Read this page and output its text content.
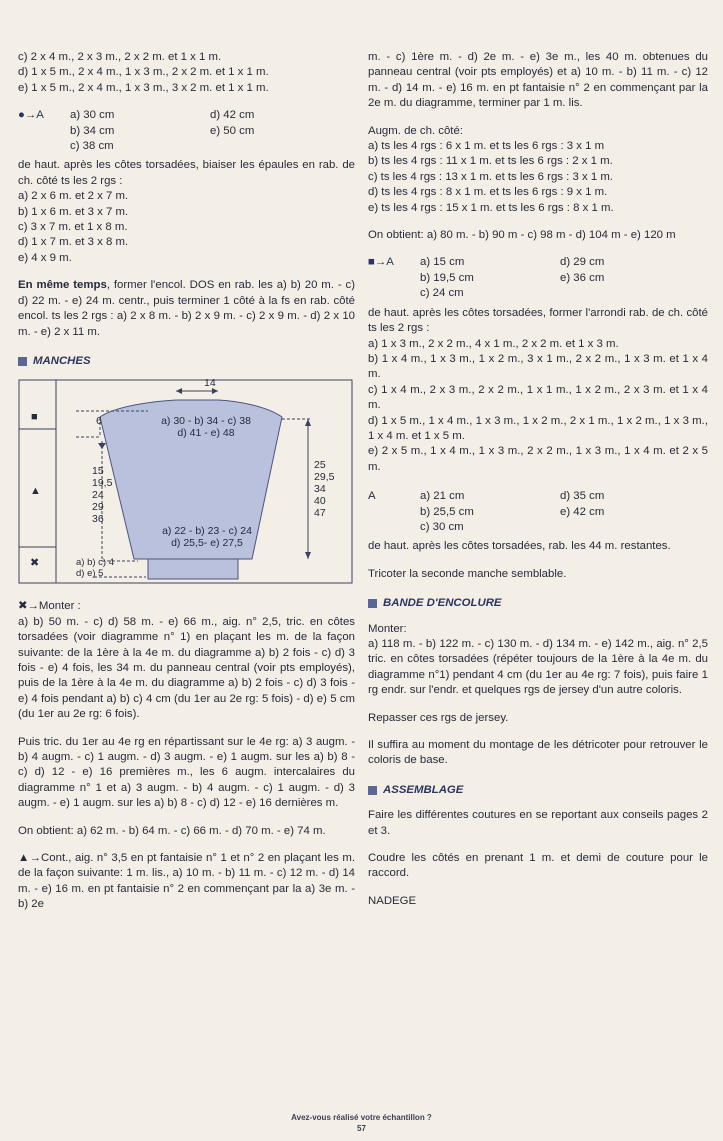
c) 2 x 4 m., 2 x 3 m., 2 x 2 m. et 1 x 1 m.

d) 1 x 5 m., 2 x 4 m., 1 x 3 m., 2 x 2 m. et 1 x 1 m.

e) 1 x 5 m., 2 x 4 m., 1 x 3 m., 3 x 2 m. et 1 x 1 m.

●→A	a) 30 cm	d) 42 cm
b) 34 cm	e) 50 cm
c) 38 cm

de haut. après les côtes torsadées, biaiser les épaules en rab. de ch. côté ts les 2 rgs :

a) 2 x 6 m. et 2 x 7 m.

b) 1 x 6 m. et 3 x 7 m.

c) 3 x 7 m. et 1 x 8 m.

d) 1 x 7 m. et 3 x 8 m.

e) 4 x 9 m.

En même temps, former l'encol. DOS en rab. les a) b) 20 m. - c) d) 22 m. - e) 24 m. centr., puis terminer 1 côté à la fs en rab. côté encol. ts les 2 rgs : a) 2 x 8 m. - b) 2 x 9 m. - c) 2 x 9 m. - d) 2 x 10 m. - e) 2 x 11 m.

MANCHES
14
6	a) 30 - b) 34 - c) 38
d) 41 - e) 48
15
19,5
24
29
36
25
29,5
34
40
47
a) 22 - b) 23 - c) 24
d) 25,5- e) 27,5
a) b) c) 4
d) e) 5
■
▲
✖

✖→Monter :

a) b) 50 m. - c) d) 58 m. - e) 66 m., aig. n° 2,5, tric. en côtes torsadées (voir diagramme n° 1) en plaçant les m. de la façon suivante: de la 1ère à la 4e m. du diagramme a) b) 2 fois - c) d) 3 fois - e) 4 fois, les 34 m. du panneau central (voir pts employés), puis de la 1ère à la 4e m. du diagramme a) b) 2 fois - c) d) 3 fois - e) 4 fois pendant a) b) c) 4 cm (du 1er au 2e rg: 5 fois) - d) e) 5 cm (du 1er au 2e rg: 6 fois).

Puis tric. du 1er au 4e rg en répartissant sur le 4e rg: a) 3 augm. - b) 4 augm. - c) 1 augm. - d) 3 augm. - e) 1 augm. sur les a) b) 8 - c) d) 12 - e) 16 premières m., les 6 augm. intercalaires du diagramme n° 1 et a) 3 augm. - b) 4 augm. - c) 1 augm. - d) 3 augm. - e) 1 augm. sur les a) b) 8 - c) d) 12 - e) 16 dernières m.

On obtient: a) 62 m. - b) 64 m. - c) 66 m. - d) 70 m. - e) 74 m.

▲→Cont., aig. n° 3,5 en pt fantaisie n° 1 et n° 2 en plaçant les m. de la façon suivante: 1 m. lis., a) 10 m. - b) 11 m. - c) 12 m. - d) 14 m. - e) 16 m. en pt fantaisie n° 2 en commençant par la a) 3e m. - b) 2e

m. - c) 1ère m. - d) 2e m. - e) 3e m., les 40 m. obtenues du panneau central (voir pts employés) et a) 10 m. - b) 11 m. - c) 12 m. - d) 14 m. - e) 16 m. en pt fantaisie n° 2 en commençant par la 2e m. du diagramme, terminer par 1 m. lis.

Augm. de ch. côté:

a) ts les 4 rgs : 6 x 1 m. et ts les 6 rgs : 3 x 1 m

b) ts les 4 rgs : 11 x 1 m. et ts les 6 rgs : 2 x 1 m.

c) ts les 4 rgs : 13 x 1 m. et ts les 6 rgs : 3 x 1 m.

d) ts les 4 rgs : 8 x 1 m. et ts les 6 rgs : 9 x 1 m.

e) ts les 4 rgs : 15 x 1 m. et ts les 6 rgs : 8 x 1 m.

On obtient: a) 80 m. - b) 90 m - c) 98 m - d) 104 m - e) 120 m

■→A	a) 15 cm	d) 29 cm
b) 19,5 cm	e) 36 cm
c) 24 cm

de haut. après les côtes torsadées, former l'arrondi rab. de ch. côté ts les 2 rgs :

a) 1 x 3 m., 2 x 2 m., 4 x 1 m., 2 x 2 m. et 1 x 3 m.

b) 1 x 4 m., 1 x 3 m., 1 x 2 m., 3 x 1 m., 2 x 2 m., 1 x 3 m. et 1 x 4 m.

c) 1 x 4 m., 2 x 3 m., 2 x 2 m., 1 x 1 m., 1 x 2 m., 2 x 3 m. et 1 x 4 m.

d) 1 x 5 m., 1 x 4 m., 1 x 3 m., 1 x 2 m., 2 x 1 m., 1 x 2 m., 1 x 3 m., 1 x 4 m. et 1 x 5 m.

e) 2 x 5 m., 1 x 4 m., 1 x 3 m., 2 x 2 m., 1 x 3 m., 1 x 4 m. et 2 x 5 m.

A	a) 21 cm	d) 35 cm
b) 25,5 cm	e) 42 cm
c) 30 cm

de haut. après les côtes torsadées, rab. les 44 m. restantes.

Tricoter la seconde manche semblable.

BANDE D'ENCOLURE

Monter:

a) 118 m. - b) 122 m. - c) 130 m. - d) 134 m. - e) 142 m., aig. n° 2,5 tric. en côtes torsadées (répéter toujours de la 1ère à la 4e m. du diagramme n°1) pendant 4 cm (du 1er au 4e rg: 7 fois), puis faire 1 rg endr. sur l'endr. et quelques rgs de jersey d'un autre coloris.

Repasser ces rgs de jersey.

Il suffira au moment du montage de les détricoter pour retrouver le coloris de base.

ASSEMBLAGE

Faire les différentes coutures en se reportant aux conseils pages 2 et 3.

Coudre les côtés en prenant 1 m. et demi de couture pour le raccord.

NADEGE

Avez-vous réalisé votre échantillon ?
57
